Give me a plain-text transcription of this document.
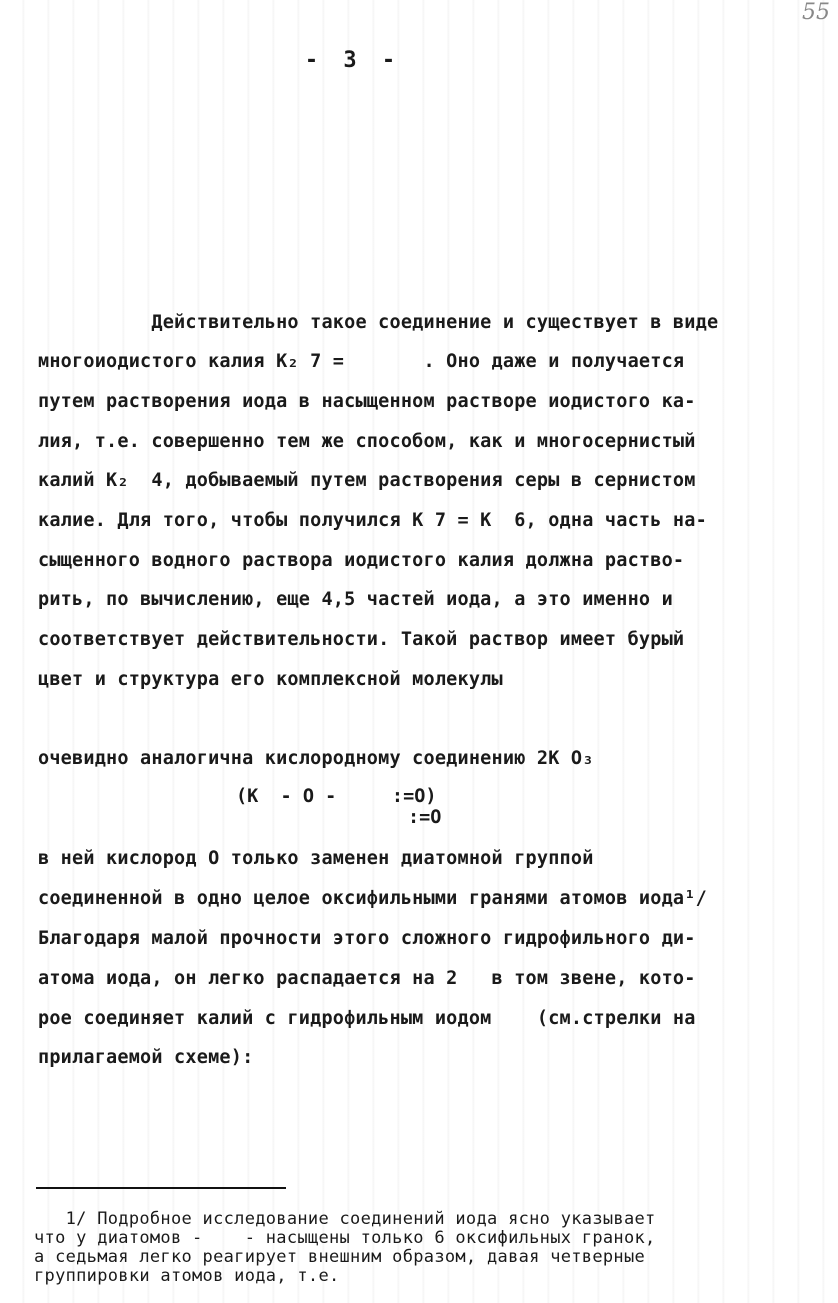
55
- 3 -
Действительно такое соединение и существует в виде
многоиодистого калия K₂ 7 =       . Оно даже и получается
путем растворения иода в насыщенном растворе иодистого ка-
лия, т.е. совершенно тем же способом, как и многосернистый
калий K₂  4, добываемый путем растворения серы в сернистом
калие. Для того, чтобы получился K 7 = K  6, одна часть на-
сыщенного водного раствора иодистого калия должна раство-
рить, по вычислению, еще 4,5 частей иода, а это именно и
соответствует действительности. Такой раствор имеет бурый
цвет и структура его комплексной молекулы
очевидно аналогична кислородному соединению 2K O₃
(K  - O -     :=O)
:=O
в ней кислород O только заменен диатомной группой
соединенной в одно целое оксифильными гранями атомов иода¹/
Благодаря малой прочности этого сложного гидрофильного ди-
атома иода, он легко распадается на 2   в том звене, кото-
рое соединяет калий с гидрофильным иодом    (см.стрелки на
прилагаемой схеме):
1/ Подробное исследование соединений иода ясно указывает
что у диатомов -    - насыщены только 6 оксифильных гранок,
а седьмая легко реагирует внешним образом, давая четверные
группировки атомов иода, т.е.
